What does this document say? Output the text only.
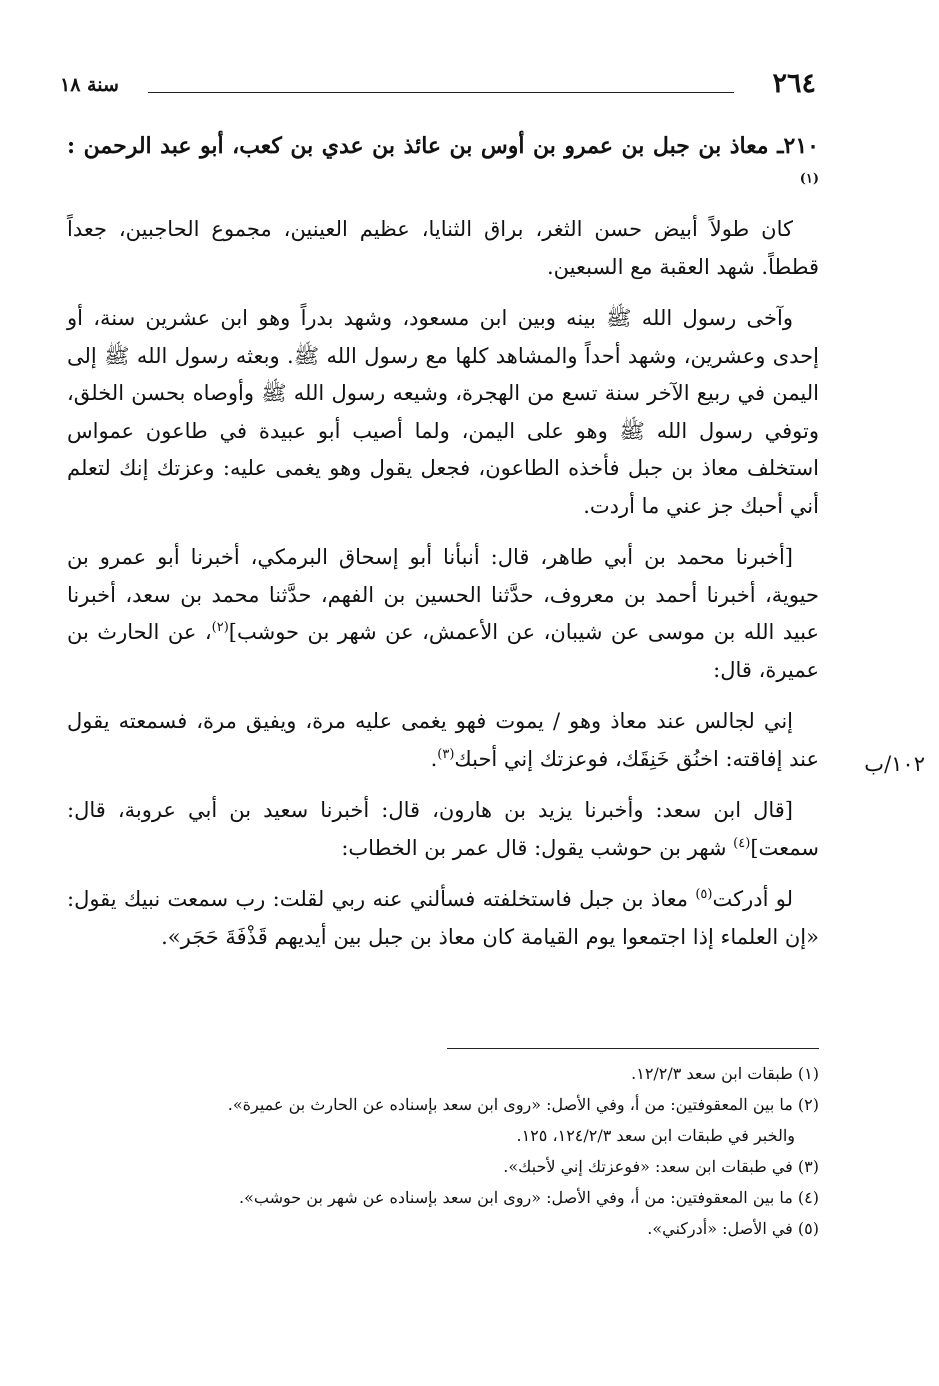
٢٦٤
سنة ١٨

٢١٠ـ معاذ بن جبل بن عمرو بن أوس بن عائذ بن عدي بن كعب، أبو عبد الرحمن : $^{(١)}$

كان طولاً أبيض حسن الثغر، براق الثنايا، عظيم العينين، مجموع الحاجبين، جعداً قططاً. شهد العقبة مع السبعين.

وآخى رسول الله ﷺ بينه وبين ابن مسعود، وشهد بدراً وهو ابن عشرين سنة، أو إحدى وعشرين، وشهد أحداً والمشاهد كلها مع رسول الله ﷺ. وبعثه رسول الله ﷺ إلى اليمن في ربيع الآخر سنة تسع من الهجرة، وشيعه رسول الله ﷺ وأوصاه بحسن الخلق، وتوفي رسول الله ﷺ وهو على اليمن، ولما أصيب أبو عبيدة في طاعون عمواس استخلف معاذ بن جبل فأخذه الطاعون، فجعل يقول وهو يغمى عليه: وعزتك إنك لتعلم أني أحبك جز عني ما أردت.

[أخبرنا محمد بن أبي طاهر، قال: أنبأنا أبو إسحاق البرمكي، أخبرنا أبو عمرو بن حيوية، أخبرنا أحمد بن معروف، حدَّثنا الحسين بن الفهم، حدَّثنا محمد بن سعد، أخبرنا عبيد الله بن موسى عن شيبان، عن الأعمش، عن شهر بن حوشب]$^{(٢)}$، عن الحارث بن عميرة، قال:

إني لجالس عند معاذ وهو / يموت فهو يغمى عليه مرة، ويفيق مرة، فسمعته يقول عند إفاقته: اخنُق خَنِقَك، فوعزتك إني أحبك$^{(٣)}$.

[قال ابن سعد: وأخبرنا يزيد بن هارون، قال: أخبرنا سعيد بن أبي عروبة، قال: سمعت]$^{(٤)}$ شهر بن حوشب يقول: قال عمر بن الخطاب:

لو أدركت$^{(٥)}$ معاذ بن جبل فاستخلفته فسألني عنه ربي لقلت: رب سمعت نبيك يقول: «إن العلماء إذا اجتمعوا يوم القيامة كان معاذ بن جبل بين أيديهم قَذْفَةَ حَجَر».

١٠٢/ب

(١) طبقات ابن سعد ١٢/٢/٣.

(٢) ما بين المعقوفتين: من أ، وفي الأصل: «روى ابن سعد بإسناده عن الحارث بن عميرة».

والخبر في طبقات ابن سعد ١٢٤/٢/٣، ١٢٥.

(٣) في طبقات ابن سعد: «فوعزتك إني لأحبك».

(٤) ما بين المعقوفتين: من أ، وفي الأصل: «روى ابن سعد بإسناده عن شهر بن حوشب».

(٥) في الأصل: «أدركني».
